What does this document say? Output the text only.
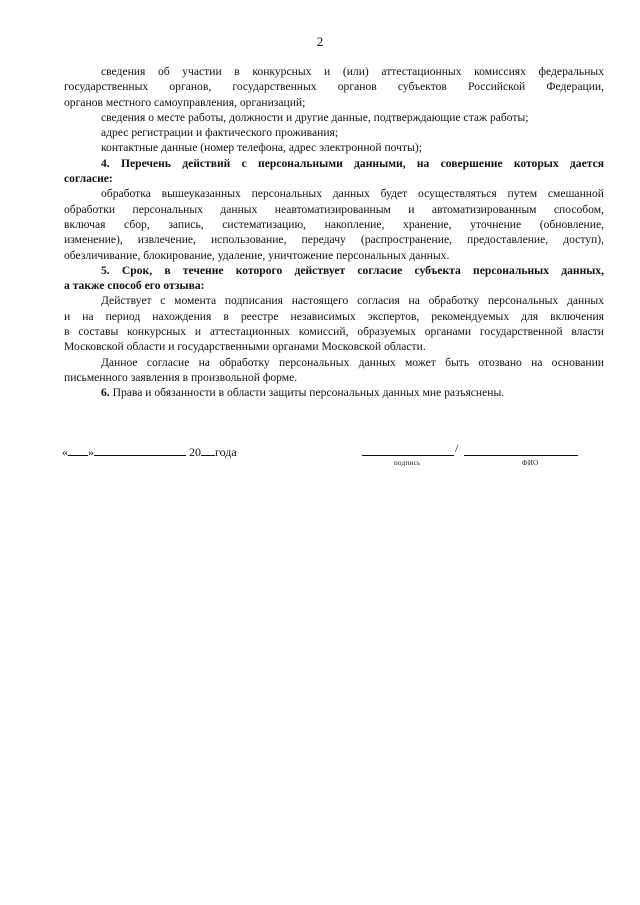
2

сведения об участии в конкурсных и (или) аттестационных комиссиях федеральных

государственных органов, государственных органов субъектов Российской Федерации,

органов местного самоуправления, организаций;

сведения о месте работы, должности и другие данные, подтверждающие стаж работы;

адрес регистрации и фактического проживания;

контактные данные (номер телефона, адрес электронной почты);

4. Перечень действий с персональными данными, на совершение которых дается

согласие:

обработка вышеуказанных персональных данных будет осуществляться путем смешанной

обработки персональных данных неавтоматизированным и автоматизированным способом,

включая сбор, запись, систематизацию, накопление, хранение, уточнение (обновление,

изменение), извлечение, использование, передачу (распространение, предоставление, доступ),

обезличивание, блокирование, удаление, уничтожение персональных данных.

5. Срок, в течение которого действует согласие субъекта персональных данных,

а также способ его отзыва:

Действует с момента подписания настоящего согласия на обработку персональных данных

и на период нахождения в реестре независимых экспертов, рекомендуемых для включения

в составы конкурсных и аттестационных комиссий, образуемых органами государственной власти

Московской области и государственными органами Московской области.

Данное согласие на обработку персональных данных может быть отозвано на основании

письменного заявления в произвольной форме.

6. Права и обязанности в области защиты персональных данных мне разъяснены.

« »	20 года	/
подпись	ФИО
